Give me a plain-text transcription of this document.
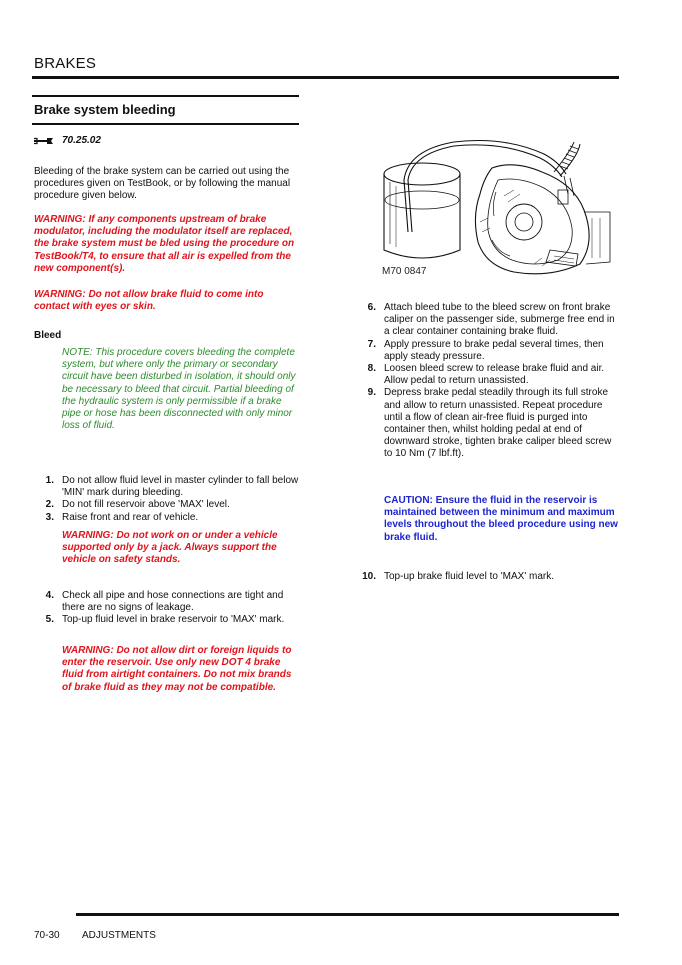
BRAKES
Brake system bleeding
70.25.02
Bleeding of the brake system can be carried out using the procedures given on TestBook, or by following the manual procedure given below.
WARNING: If any components upstream of brake modulator, including the modulator itself are replaced, the brake system must be bled using the procedure on TestBook/T4, to ensure that all air is expelled from the new component(s).
WARNING: Do not allow brake fluid to come into contact with eyes or skin.
Bleed
NOTE: This procedure covers bleeding the complete system, but where only the primary or secondary circuit have been disturbed in isolation, it should only be necessary to bleed that circuit. Partial bleeding of the hydraulic system is only permissible if a brake pipe or hose has been disconnected with only minor loss of fluid.
1. Do not allow fluid level in master cylinder to fall below 'MIN' mark during bleeding.
2. Do not fill reservoir above 'MAX' level.
3. Raise front and rear of vehicle.
WARNING: Do not work on or under a vehicle supported only by a jack. Always support the vehicle on safety stands.
4. Check all pipe and hose connections are tight and there are no signs of leakage.
5. Top-up fluid level in brake reservoir to 'MAX' mark.
WARNING: Do not allow dirt or foreign liquids to enter the reservoir. Use only new DOT 4 brake fluid from airtight containers. Do not mix brands of brake fluid as they may not be compatible.
M70 0847
6. Attach bleed tube to the bleed screw on front brake caliper on the passenger side, submerge free end in a clear container containing brake fluid.
7. Apply pressure to brake pedal several times, then apply steady pressure.
8. Loosen bleed screw to release brake fluid and air. Allow pedal to return unassisted.
9. Depress brake pedal steadily through its full stroke and allow to return unassisted. Repeat procedure until a flow of clean air-free fluid is purged into container then, whilst holding pedal at end of downward stroke, tighten brake caliper bleed screw to 10 Nm (7 lbf.ft).
CAUTION: Ensure the fluid in the reservoir is maintained between the minimum and maximum levels throughout the bleed procedure using new brake fluid.
10. Top-up brake fluid level to 'MAX' mark.
70-30 ADJUSTMENTS
